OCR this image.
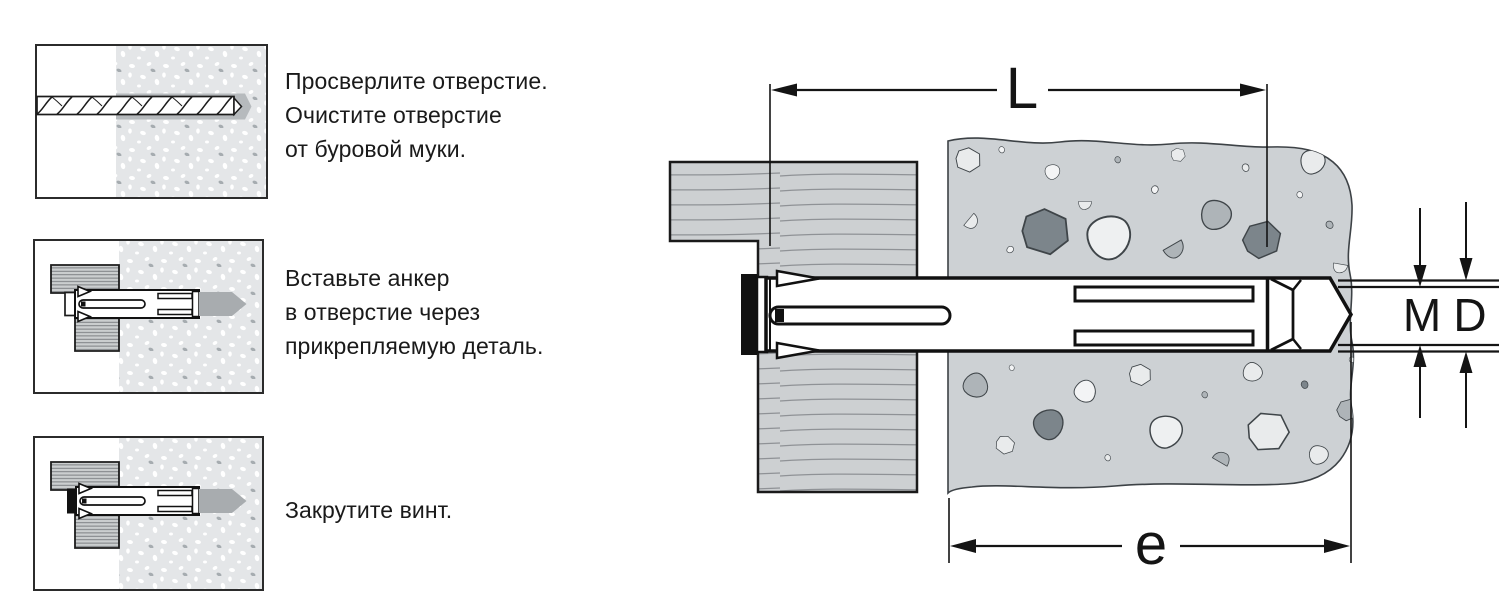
Просверлите отверстие.
Очистите отверстие
от буровой муки.
Вставьте анкер
в отверстие через
прикрепляемую деталь.
Закрутите винт.
L
M D
e
